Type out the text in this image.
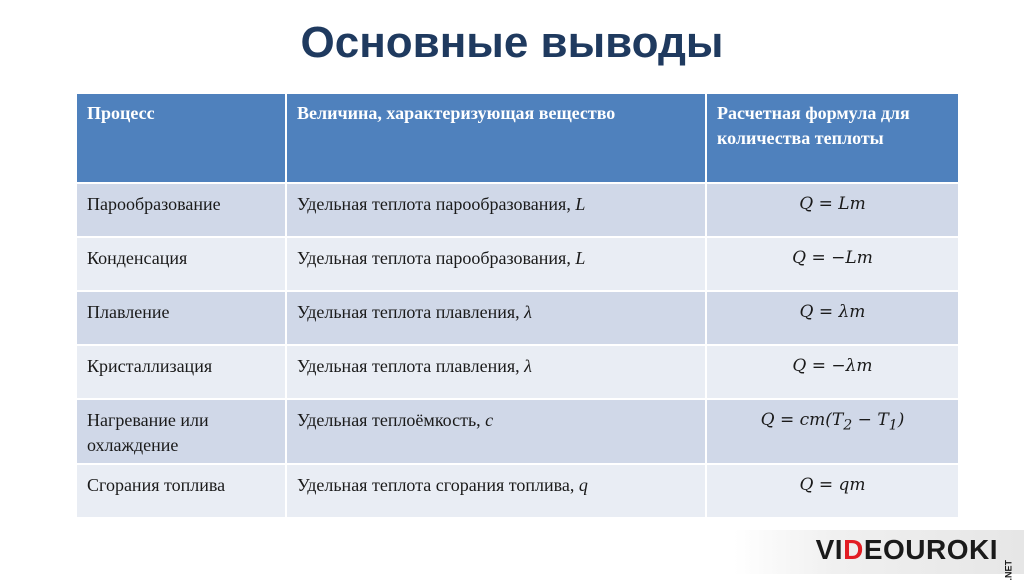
Основные выводы
Процесс	Величина, характеризующая вещество	Расчетная формула для количества теплоты
Парообразование	Удельная теплота парообразования, L	Q = Lm
Конденсация	Удельная теплота парообразования, L	Q = −Lm
Плавление	Удельная теплота плавления, λ	Q = λm
Кристаллизация	Удельная теплота плавления, λ	Q = −λm
Нагревание или охлаждение	Удельная теплоёмкость, c	$Q = cm(T_2 - T_1)$
Сгорания топлива	Удельная теплота сгорания топлива, q	Q = qm
VIDEOUROKI
.NET
